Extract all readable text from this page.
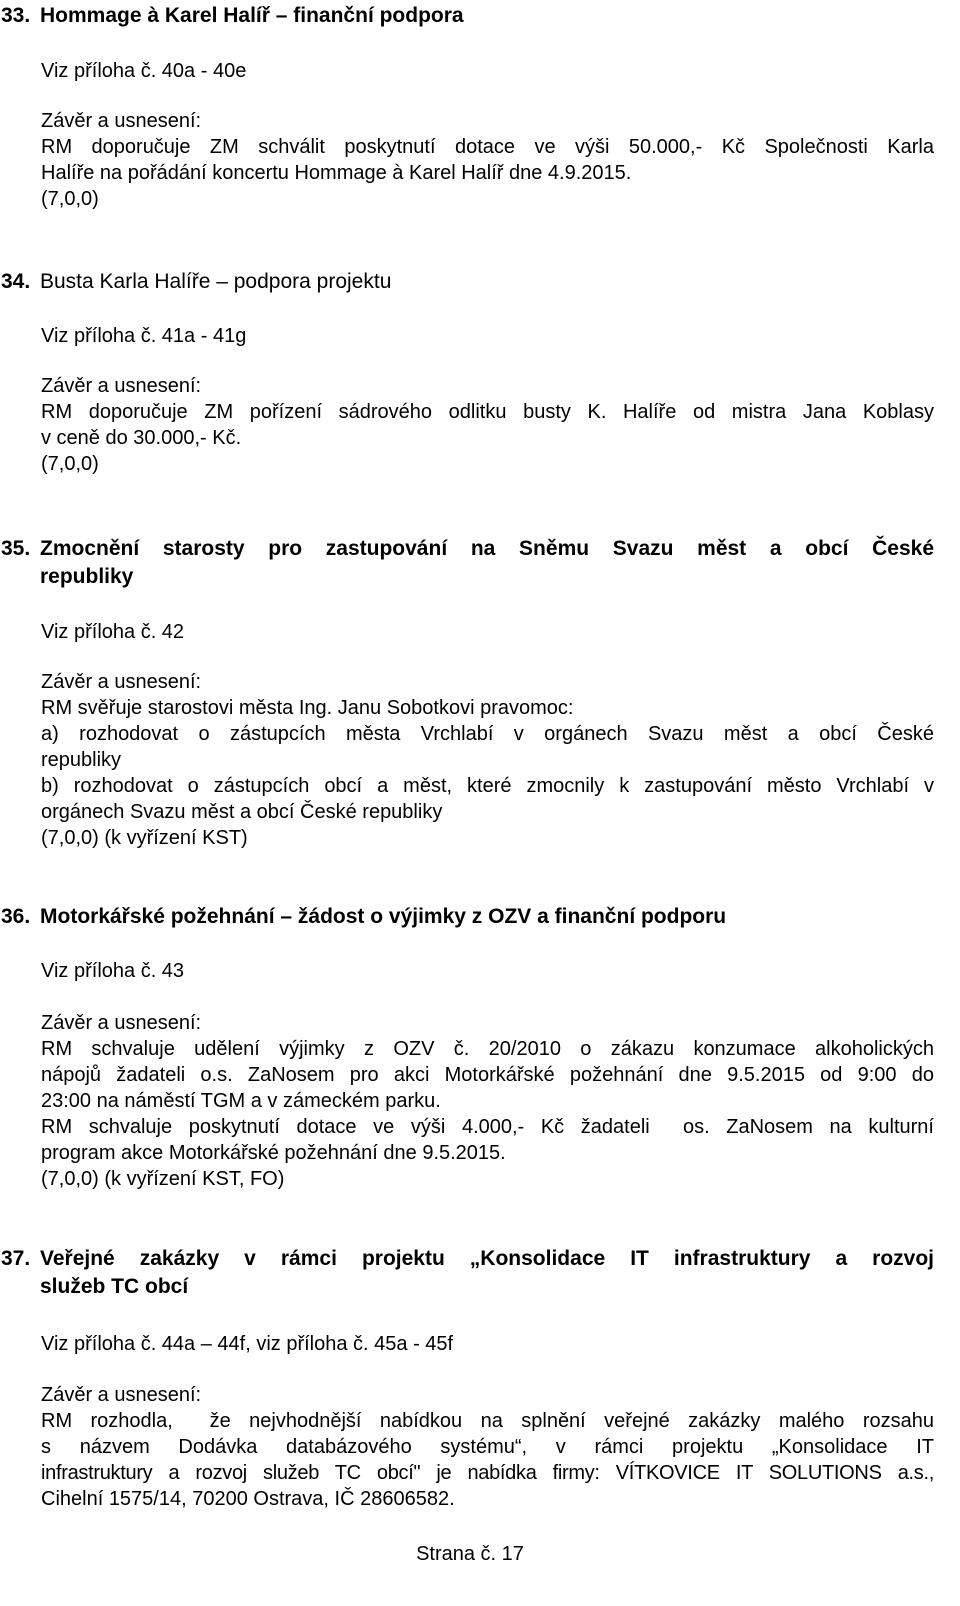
33. Hommage à Karel Halíř – finanční podpora
Viz příloha č. 40a - 40e
Závěr a usnesení:
RM doporučuje ZM schválit poskytnutí dotace ve výši 50.000,- Kč Společnosti Karla
Halíře na pořádání koncertu Hommage à Karel Halíř dne 4.9.2015.
(7,0,0)
34. Busta Karla Halíře – podpora projektu
Viz příloha č. 41a - 41g
Závěr a usnesení:
RM doporučuje ZM pořízení sádrového odlitku busty K. Halíře od mistra Jana Koblasy
v ceně do 30.000,- Kč.
(7,0,0)
35. Zmocnění starosty pro zastupování na Sněmu Svazu měst a obcí České
republiky
Viz příloha č. 42
Závěr a usnesení:
RM svěřuje starostovi města Ing. Janu Sobotkovi pravomoc:
a) rozhodovat o zástupcích města Vrchlabí v orgánech Svazu měst a obcí České
republiky
b) rozhodovat o zástupcích obcí a měst, které zmocnily k zastupování město Vrchlabí v
orgánech Svazu měst a obcí České republiky
(7,0,0) (k vyřízení KST)
36. Motorkářské požehnání – žádost o výjimky z OZV a finanční podporu
Viz příloha č. 43
Závěr a usnesení:
RM schvaluje udělení výjimky z OZV č. 20/2010 o zákazu konzumace alkoholických
nápojů žadateli o.s. ZaNosem pro akci Motorkářské požehnání dne 9.5.2015 od 9:00 do
23:00 na náměstí TGM a v zámeckém parku.
RM schvaluje poskytnutí dotace ve výši 4.000,- Kč žadateli  os. ZaNosem na kulturní
program akce Motorkářské požehnání dne 9.5.2015.
(7,0,0) (k vyřízení KST, FO)
37. Veřejné zakázky v rámci projektu „Konsolidace IT infrastruktury a rozvoj
služeb TC obcí
Viz příloha č. 44a – 44f, viz příloha č. 45a - 45f
Závěr a usnesení:
RM rozhodla,  že nejvhodnější nabídkou na splnění veřejné zakázky malého rozsahu
s názvem Dodávka databázového systému“, v rámci projektu „Konsolidace IT
infrastruktury a rozvoj služeb TC obcí" je nabídka firmy: VÍTKOVICE IT SOLUTIONS a.s.,
Cihelní 1575/14, 70200 Ostrava, IČ 28606582.
Strana č. 17
